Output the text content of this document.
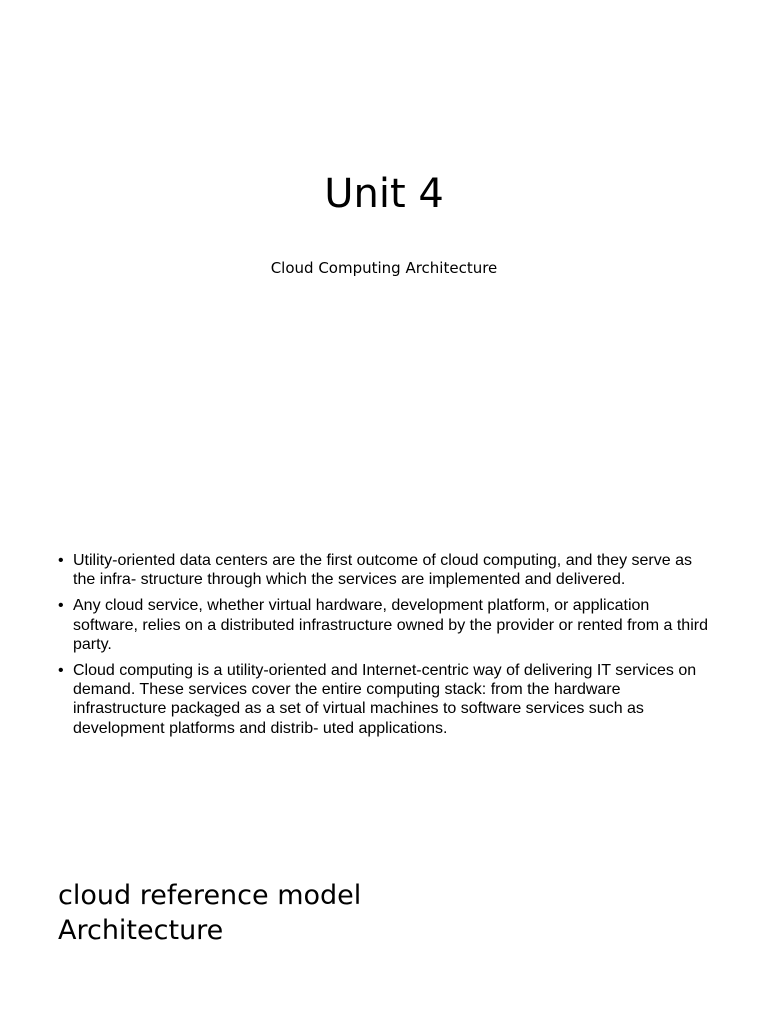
Unit 4

Cloud Computing Architecture

• Utility-oriented data centers are the first outcome of cloud computing, and they serve as the infra- structure through which the services are implemented and delivered.
• Any cloud service, whether virtual hardware, development platform, or application software, relies on a distributed infrastructure owned by the provider or rented from a third party.
• Cloud computing is a utility-oriented and Internet-centric way of delivering IT services on demand. These services cover the entire computing stack: from the hardware infrastructure packaged as a set of virtual machines to software services such as development platforms and distrib- uted applications.
cloud reference model
Architecture
